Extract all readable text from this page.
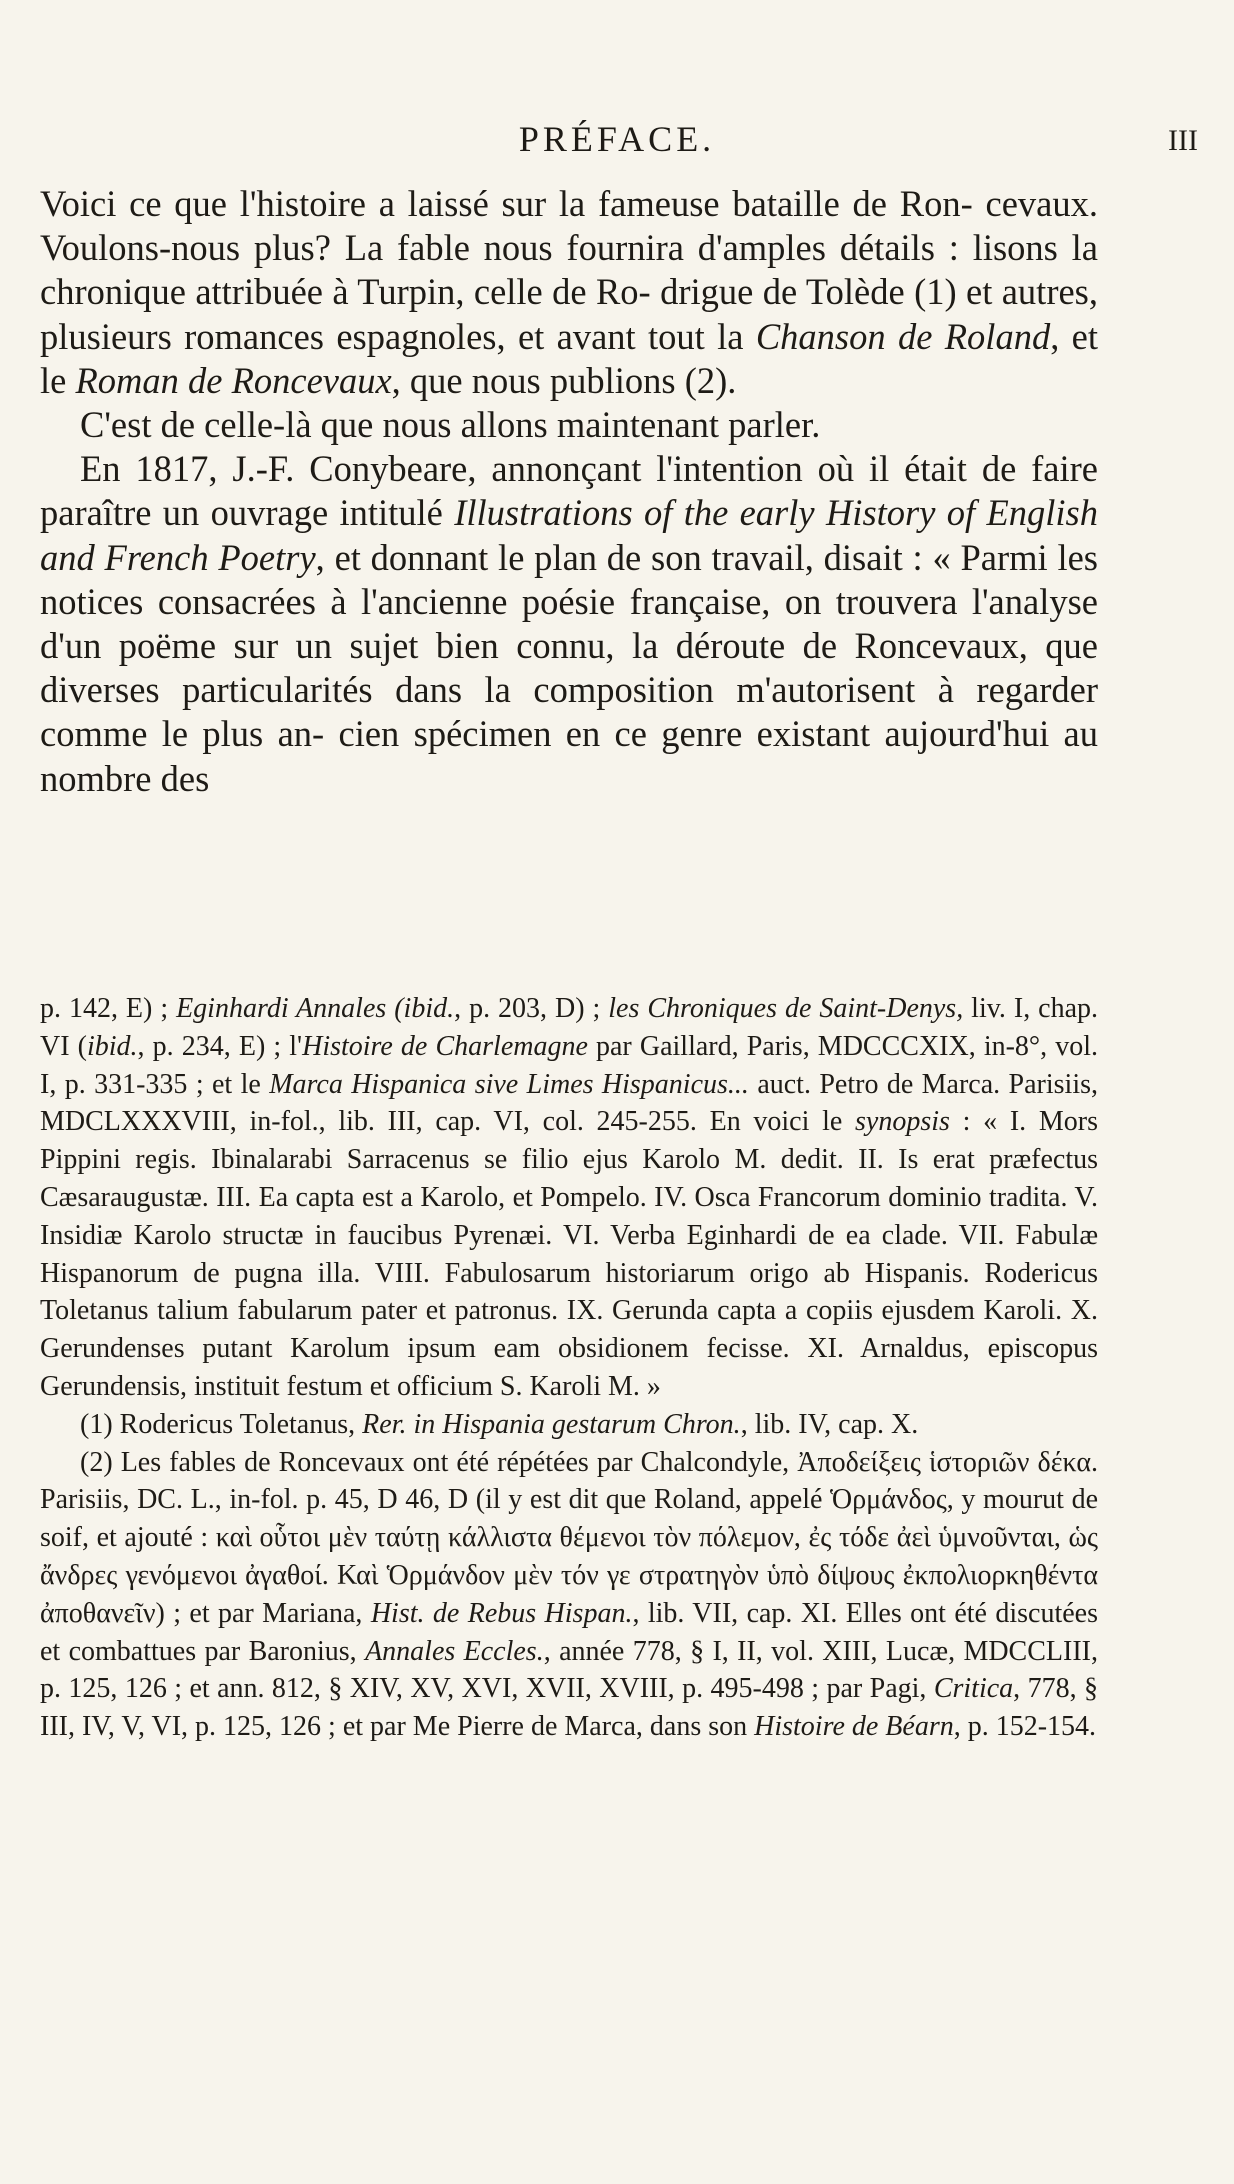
PRÉFACE.	III

Voici ce que l'histoire a laissé sur la fameuse bataille de Ron- cevaux. Voulons-nous plus? La fable nous fournira d'amples détails : lisons la chronique attribuée à Turpin, celle de Ro- drigue de Tolède (1) et autres, plusieurs romances espagnoles, et avant tout la Chanson de Roland, et le Roman de Roncevaux, que nous publions (2).

C'est de celle-là que nous allons maintenant parler.

En 1817, J.-F. Conybeare, annonçant l'intention où il était de faire paraître un ouvrage intitulé Illustrations of the early History of English and French Poetry, et donnant le plan de son travail, disait : « Parmi les notices consacrées à l'ancienne poésie française, on trouvera l'analyse d'un poëme sur un sujet bien connu, la déroute de Roncevaux, que diverses particularités dans la composition m'autorisent à regarder comme le plus an- cien spécimen en ce genre existant aujourd'hui au nombre des

p. 142, E) ; Eginhardi Annales (ibid., p. 203, D) ; les Chroniques de Saint-Denys, liv. I, chap. VI (ibid., p. 234, E) ; l'Histoire de Charlemagne par Gaillard, Paris, MDCCCXIX, in-8°, vol. I, p. 331-335 ; et le Marca Hispanica sive Limes Hispanicus... auct. Petro de Marca. Parisiis, MDCLXXXVIII, in-fol., lib. III, cap. VI, col. 245-255. En voici le synopsis : « I. Mors Pippini regis. Ibinalarabi Sarracenus se filio ejus Karolo M. dedit. II. Is erat præfectus Cæsaraugustæ. III. Ea capta est a Karolo, et Pompelo. IV. Osca Francorum dominio tradita. V. Insidiæ Karolo structæ in faucibus Pyrenæi. VI. Verba Eginhardi de ea clade. VII. Fabulæ Hispanorum de pugna illa. VIII. Fabulosarum historiarum origo ab Hispanis. Rodericus Toletanus talium fabularum pater et patronus. IX. Gerunda capta a copiis ejusdem Karoli. X. Gerundenses putant Karolum ipsum eam obsidionem fecisse. XI. Arnaldus, episcopus Gerundensis, instituit festum et officium S. Karoli M. »

(1) Rodericus Toletanus, Rer. in Hispania gestarum Chron., lib. IV, cap. X.

(2) Les fables de Roncevaux ont été répétées par Chalcondyle, Ἀποδείξεις ἱστοριῶν δέκα. Parisiis, DC. L., in-fol. p. 45, D 46, D (il y est dit que Roland, appelé Ὁρμάνδος, y mourut de soif, et ajouté : καὶ οὗτοι μὲν ταύτῃ κάλλιστα θέμενοι τὸν πόλεμον, ἐς τόδε ἀεὶ ὑμνοῦνται, ὡς ἄνδρες γενόμενοι ἀγαθοί. Καὶ Ὁρμάνδον μὲν τόν γε στρατηγὸν ὑπὸ δίψους ἐκπολιορκηθέντα ἀποθανεῖν) ; et par Mariana, Hist. de Rebus Hispan., lib. VII, cap. XI. Elles ont été discutées et combattues par Baronius, Annales Eccles., année 778, § I, II, vol. XIII, Lucæ, MDCCLIII, p. 125, 126 ; et ann. 812, § XIV, XV, XVI, XVII, XVIII, p. 495-498 ; par Pagi, Critica, 778, § III, IV, V, VI, p. 125, 126 ; et par Me Pierre de Marca, dans son Histoire de Béarn, p. 152-154.
